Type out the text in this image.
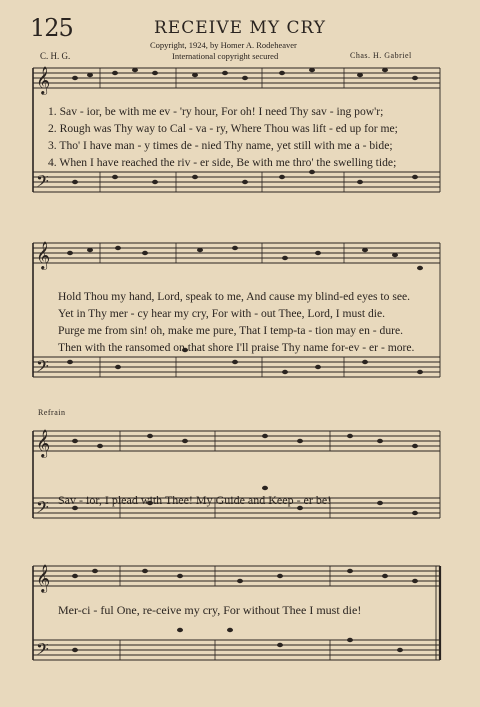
125	RECEIVE MY CRY
Copyright, 1924, by Homer A. Rodeheaver
International copyright secured
C. H. G.	Chas. H. Gabriel
𝄞
𝄢
𝄞
𝄢
𝄞
𝄢
𝄞
𝄢
1. Sav - ior, be with me ev - 'ry hour, For oh! I need Thy sav - ing pow'r;
2. Rough was Thy way to Cal - va - ry, Where Thou was lift - ed up for me;
3. Tho' I have man - y times de - nied Thy name, yet still with me a - bide;
4. When I have reached the riv - er side, Be with me thro' the swelling tide;
Hold Thou my hand, Lord, speak to me, And cause my blind-ed eyes to see.
Yet in Thy mer - cy hear my cry, For with - out Thee, Lord, I must die.
Purge me from sin! oh, make me pure, That I temp-ta - tion may en - dure.
Then with the ransomed on that shore I'll praise Thy name for-ev - er - more.
Refrain
Sav - ior, I plead with Thee! My Guide and Keep - er be!
Mer-ci - ful One, re-ceive my cry, For without Thee I must die!
